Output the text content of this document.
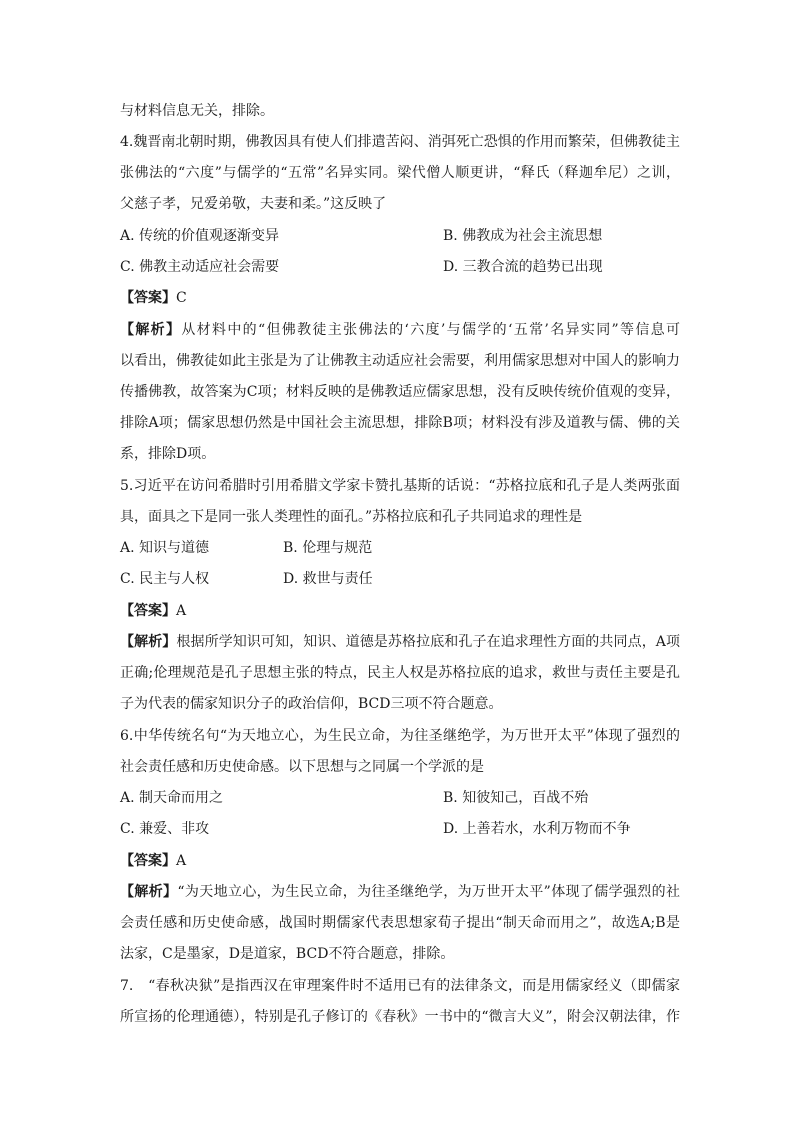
与材料信息无关，排除。
4.魏晋南北朝时期，佛教因具有使人们排遣苦闷、消弭死亡恐惧的作用而繁荣，但佛教徒主
张佛法的“六度”与儒学的“五常”名异实同。梁代僧人顺更讲，“释氏（释迦牟尼）之训，
父慈子孝，兄爱弟敬，夫妻和柔。”这反映了
A. 传统的价值观逐渐变异	B. 佛教成为社会主流思想
C. 佛教主动适应社会需要	D. 三教合流的趋势已出现
【答案】C
【解析】从材料中的“但佛教徒主张佛法的‘六度’与儒学的‘五常’名异实同”等信息可
以看出，佛教徒如此主张是为了让佛教主动适应社会需要，利用儒家思想对中国人的影响力
传播佛教，故答案为C项；材料反映的是佛教适应儒家思想，没有反映传统价值观的变异，
排除A项；儒家思想仍然是中国社会主流思想，排除B项；材料没有涉及道教与儒、佛的关
系，排除D项。
5.习近平在访问希腊时引用希腊文学家卡赞扎基斯的话说：“苏格拉底和孔子是人类两张面
具，面具之下是同一张人类理性的面孔。”苏格拉底和孔子共同追求的理性是
A. 知识与道德	B. 伦理与规范
C. 民主与人权	D. 救世与责任
【答案】A
【解析】根据所学知识可知，知识、道德是苏格拉底和孔子在追求理性方面的共同点，A项
正确;伦理规范是孔子思想主张的特点，民主人权是苏格拉底的追求，救世与责任主要是孔
子为代表的儒家知识分子的政治信仰，BCD三项不符合题意。
6.中华传统名句“为天地立心，为生民立命，为往圣继绝学，为万世开太平”体现了强烈的
社会责任感和历史使命感。以下思想与之同属一个学派的是
A. 制天命而用之	B. 知彼知己，百战不殆
C. 兼爱、非攻	D. 上善若水，水利万物而不争
【答案】A
【解析】“为天地立心，为生民立命，为往圣继绝学，为万世开太平”体现了儒学强烈的社
会责任感和历史使命感，战国时期儒家代表思想家荀子提出“制天命而用之”，故选A;B是
法家，C是墨家，D是道家，BCD不符合题意，排除。
7.　“春秋决狱”是指西汉在审理案件时不适用已有的法律条文，而是用儒家经义（即儒家
所宣扬的伦理通德），特别是孔子修订的《春秋》一书中的“微言大义”，附会汉朝法律，作
